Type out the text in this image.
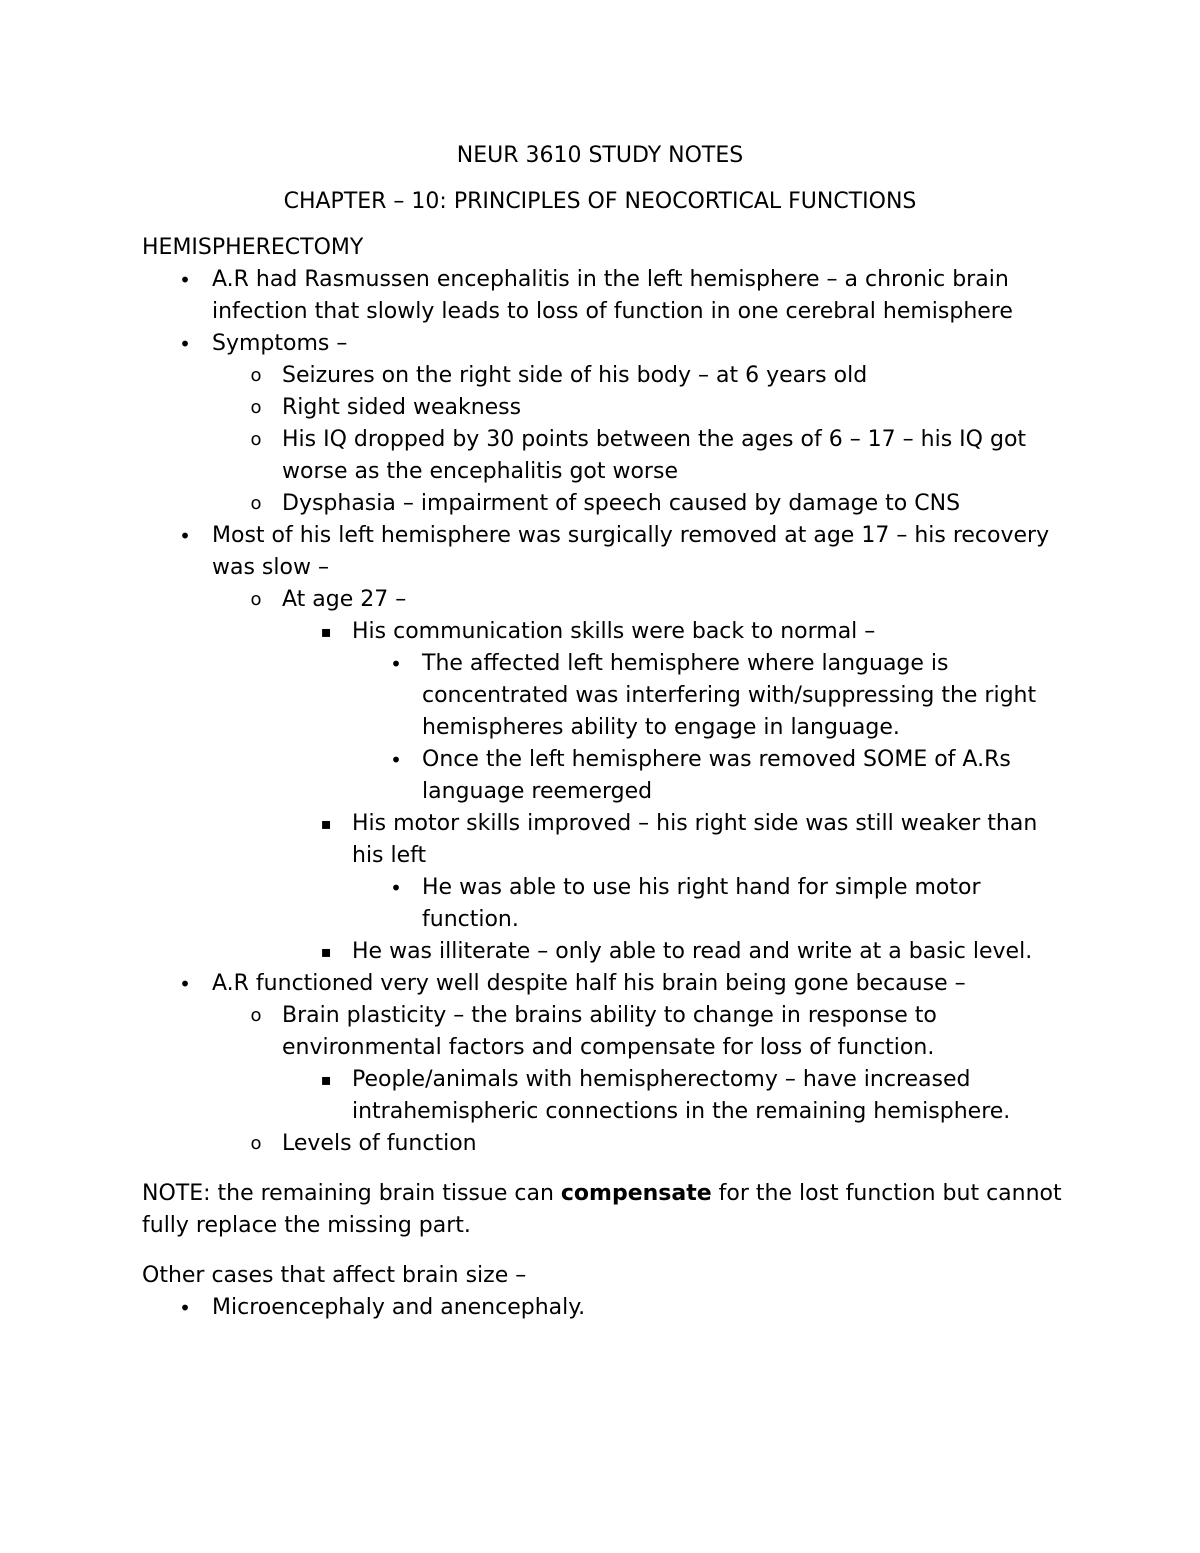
NEUR 3610 STUDY NOTES

CHAPTER – 10: PRINCIPLES OF NEOCORTICAL FUNCTIONS

HEMISPHERECTOMY

• A.R had Rasmussen encephalitis in the left hemisphere – a chronic brain infection that slowly leads to loss of function in one cerebral hemisphere
• Symptoms –
o Seizures on the right side of his body – at 6 years old
o Right sided weakness
o His IQ dropped by 30 points between the ages of 6 – 17 – his IQ got worse as the encephalitis got worse
o Dysphasia – impairment of speech caused by damage to CNS
• Most of his left hemisphere was surgically removed at age 17 – his recovery was slow –
o At age 27 –
▪ His communication skills were back to normal –
• The affected left hemisphere where language is concentrated was interfering with/suppressing the right hemispheres ability to engage in language.
• Once the left hemisphere was removed SOME of A.Rs language reemerged
▪ His motor skills improved – his right side was still weaker than his left
• He was able to use his right hand for simple motor function.
▪ He was illiterate – only able to read and write at a basic level.
• A.R functioned very well despite half his brain being gone because –
o Brain plasticity – the brains ability to change in response to environmental factors and compensate for loss of function.
▪ People/animals with hemispherectomy – have increased intrahemispheric connections in the remaining hemisphere.
o Levels of function

NOTE: the remaining brain tissue can compensate for the lost function but cannot fully replace the missing part.

Other cases that affect brain size –

• Microencephaly and anencephaly.
